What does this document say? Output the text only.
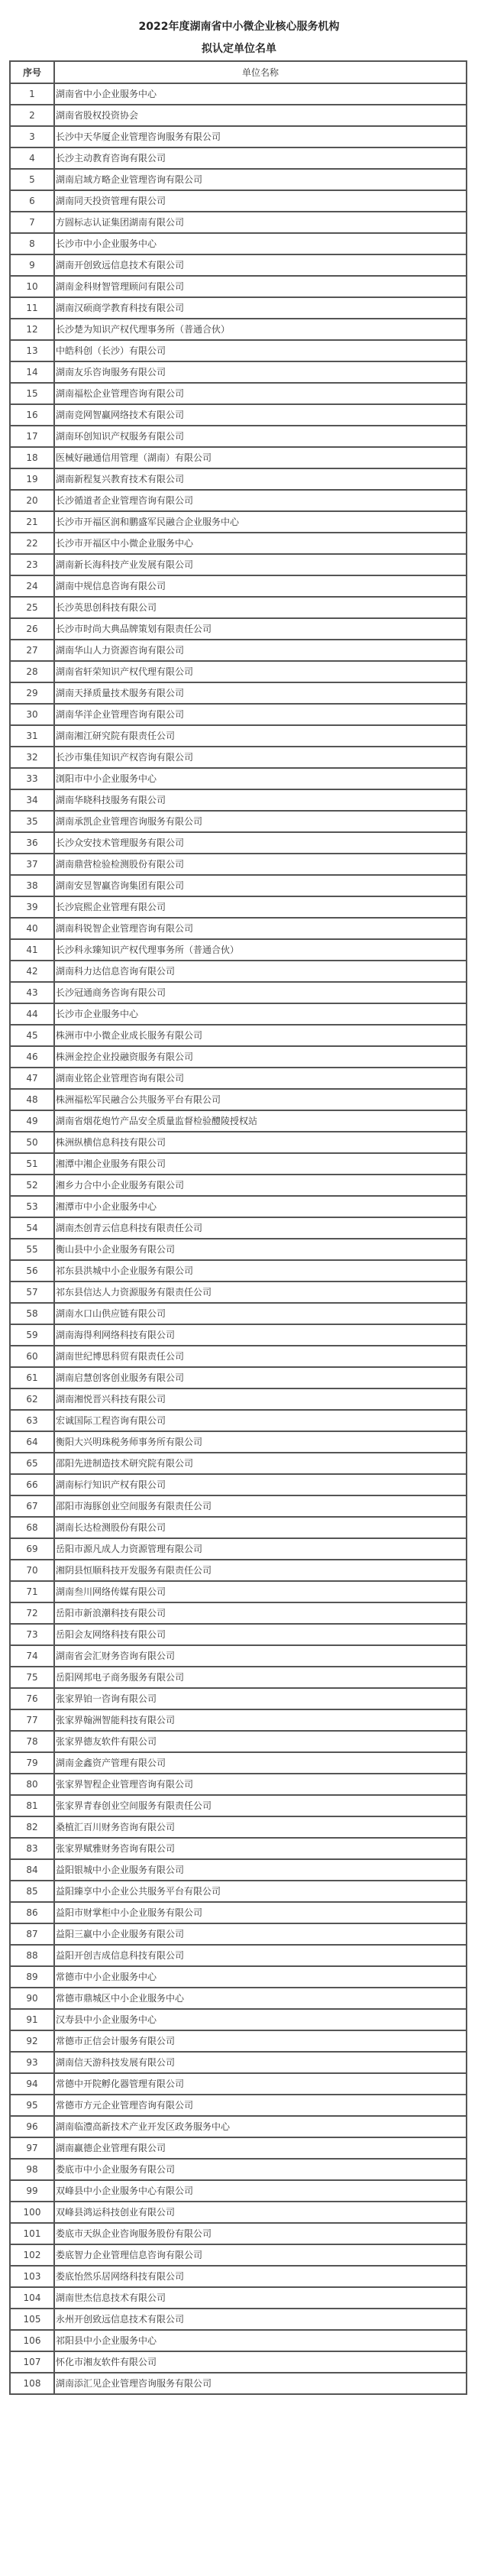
2022年度湖南省中小微企业核心服务机构
拟认定单位名单
序号	单位名称
1	湖南省中小企业服务中心
2	湖南省股权投资协会
3	长沙中天华厦企业管理咨询服务有限公司
4	长沙主动教育咨询有限公司
5	湖南启域方略企业管理咨询有限公司
6	湖南同天投资管理有限公司
7	方圆标志认证集团湖南有限公司
8	长沙市中小企业服务中心
9	湖南开创致远信息技术有限公司
10	湖南金科财智管理顾问有限公司
11	湖南汉硕商学教育科技有限公司
12	长沙楚为知识产权代理事务所（普通合伙）
13	中皓科创（长沙）有限公司
14	湖南友乐咨询服务有限公司
15	湖南福松企业管理咨询有限公司
16	湖南竞网智赢网络技术有限公司
17	湖南环创知识产权服务有限公司
18	医械好融通信用管理（湖南）有限公司
19	湖南新程复兴教育技术有限公司
20	长沙循道者企业管理咨询有限公司
21	长沙市开福区润和鹏盛军民融合企业服务中心
22	长沙市开福区中小微企业服务中心
23	湖南新长海科技产业发展有限公司
24	湖南中规信息咨询有限公司
25	长沙英思创科技有限公司
26	长沙市时尚大典品牌策划有限责任公司
27	湖南华山人力资源咨询有限公司
28	湖南省轩荣知识产权代理有限公司
29	湖南天择质量技术服务有限公司
30	湖南华洋企业管理咨询有限公司
31	湖南湘江研究院有限责任公司
32	长沙市集佳知识产权咨询有限公司
33	浏阳市中小企业服务中心
34	湖南华晓科技服务有限公司
35	湖南承凯企业管理咨询服务有限公司
36	长沙众安技术管理服务有限公司
37	湖南鼎营检验检测股份有限公司
38	湖南安昱智赢咨询集团有限公司
39	长沙宸熙企业管理有限公司
40	湖南科锐智企业管理咨询有限公司
41	长沙科永臻知识产权代理事务所（普通合伙）
42	湖南科力达信息咨询有限公司
43	长沙冠通商务咨询有限公司
44	长沙市企业服务中心
45	株洲市中小微企业成长服务有限公司
46	株洲金控企业投融资服务有限公司
47	湖南业铭企业管理咨询有限公司
48	株洲福松军民融合公共服务平台有限公司
49	湖南省烟花炮竹产品安全质量监督检验醴陵授权站
50	株洲纵横信息科技有限公司
51	湘潭中湘企业服务有限公司
52	湘乡力合中小企业服务有限公司
53	湘潭市中小企业服务中心
54	湖南杰创青云信息科技有限责任公司
55	衡山县中小企业服务有限公司
56	祁东县洪城中小企业服务有限公司
57	祁东县信达人力资源服务有限责任公司
58	湖南水口山供应链有限公司
59	湖南海得利网络科技有限公司
60	湖南世纪博思科贸有限责任公司
61	湖南启慧创客创业服务有限公司
62	湖南湘悦晋兴科技有限公司
63	宏诚国际工程咨询有限公司
64	衡阳大兴明珠税务师事务所有限公司
65	邵阳先进制造技术研究院有限公司
66	湖南标行知识产权有限公司
67	邵阳市海豚创业空间服务有限责任公司
68	湖南长达检测股份有限公司
69	岳阳市源凡成人力资源管理有限公司
70	湘阴县恒顺科技开发服务有限责任公司
71	湖南叁川网络传媒有限公司
72	岳阳市新浪潮科技有限公司
73	岳阳会友网络科技有限公司
74	湖南省会汇财务咨询有限公司
75	岳阳网邦电子商务服务有限公司
76	张家界铂一咨询有限公司
77	张家界翰洲智能科技有限公司
78	张家界德友软件有限公司
79	湖南金鑫资产管理有限公司
80	张家界智程企业管理咨询有限公司
81	张家界青春创业空间服务有限责任公司
82	桑植汇百川财务咨询有限公司
83	张家界赋雅财务咨询有限公司
84	益阳银城中小企业服务有限公司
85	益阳臻享中小企业公共服务平台有限公司
86	益阳市财掌柜中小企业服务有限公司
87	益阳三赢中小企业服务有限公司
88	益阳开创吉成信息科技有限公司
89	常德市中小企业服务中心
90	常德市鼎城区中小企业服务中心
91	汉寿县中小企业服务中心
92	常德市正信会计服务有限公司
93	湖南信天游科技发展有限公司
94	常德中开院孵化器管理有限公司
95	常德市方元企业管理咨询有限公司
96	湖南临澧高新技术产业开发区政务服务中心
97	湖南赢德企业管理有限公司
98	娄底市中小企业服务有限公司
99	双峰县中小企业服务中心有限公司
100	双峰县鸿运科技创业有限公司
101	娄底市天纵企业咨询服务股份有限公司
102	娄底智力企业管理信息咨询有限公司
103	娄底怡然乐居网络科技有限公司
104	湖南世杰信息技术有限公司
105	永州开创致远信息技术有限公司
106	祁阳县中小企业服务中心
107	怀化市湘友软件有限公司
108	湖南添汇见企业管理咨询服务有限公司
